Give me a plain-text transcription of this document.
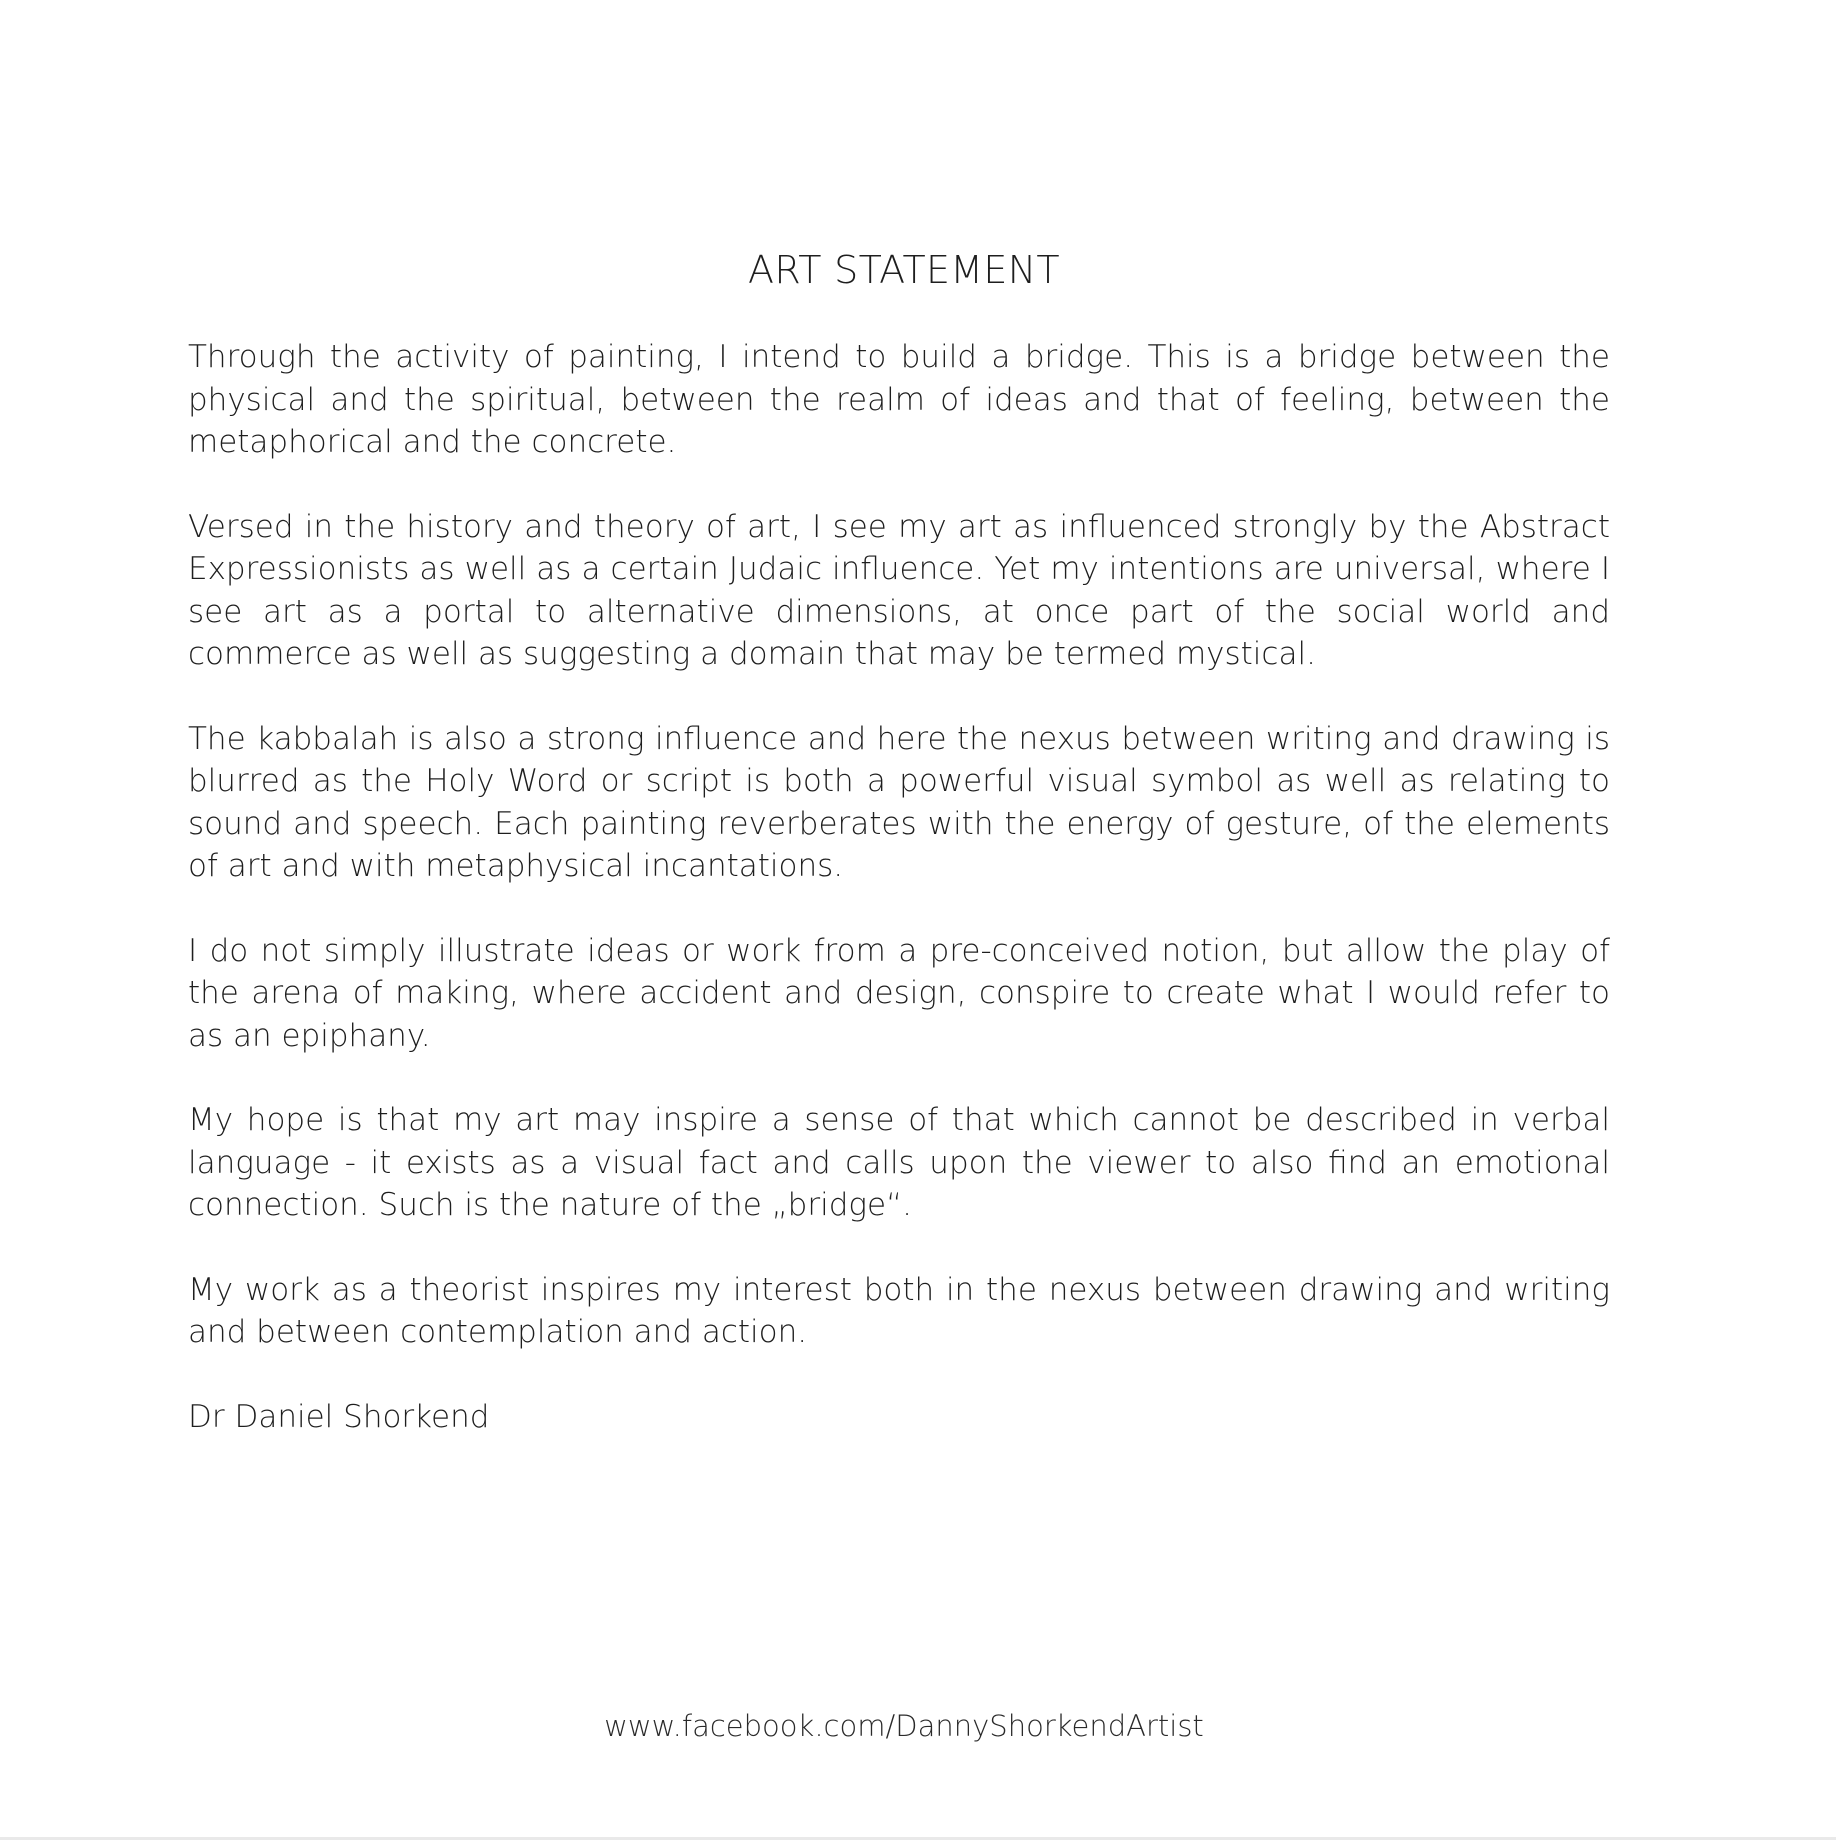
ART STATEMENT

Through the activity of painting, I intend to build a bridge. This is a bridge between the physical and the spiritual, between the realm of ideas and that of feeling, between the metaphorical and the concrete.

Versed in the history and theory of art, I see my art as influenced strongly by the Abstract Expressionists as well as a certain Judaic influence. Yet my intentions are universal, where I see art as a portal to alternative dimensions, at once part of the social world and commerce as well as suggesting a domain that may be termed mystical.

The kabbalah is also a strong influence and here the nexus between writing and drawing is blurred as the Holy Word or script is both a powerful visual symbol as well as relating to sound and speech. Each painting reverberates with the energy of gesture, of the elements of art and with metaphysical incantations.

I do not simply illustrate ideas or work from a pre-conceived notion, but allow the play of the arena of making, where accident and design, conspire to create what I would refer to as an epiphany.

My hope is that my art may inspire a sense of that which cannot be described in verbal language - it exists as a visual fact and calls upon the viewer to also find an emotional connection. Such is the nature of the „bridge“.

My work as a theorist inspires my interest both in the nexus between drawing and writing and between contemplation and action.

Dr Daniel Shorkend

www.facebook.com/DannyShorkendArtist
